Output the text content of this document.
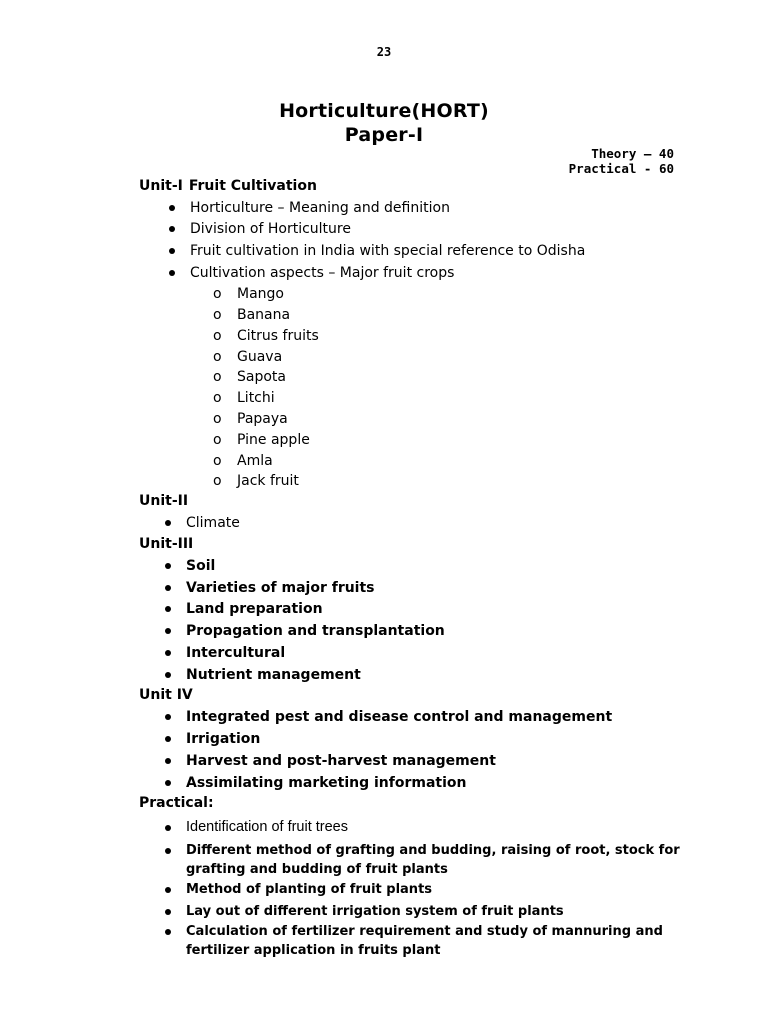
23
Horticulture(HORT)
Paper-I
Theory – 40
Practical - 60
Unit-I Fruit Cultivation
Horticulture – Meaning and definition
Division of Horticulture
Fruit cultivation in India with special reference to Odisha
Cultivation aspects – Major fruit crops
o Mango
o Banana
o Citrus fruits
o Guava
o Sapota
o Litchi
o Papaya
o Pine apple
o Amla
o Jack fruit
Unit-II
Climate
Unit-III
Soil
Varieties of major fruits
Land preparation
Propagation and transplantation
Intercultural
Nutrient management
Unit IV
Integrated pest and disease control and management
Irrigation
Harvest and post-harvest management
Assimilating marketing information
Practical:
Identification of fruit trees
Different method of grafting and budding, raising of root, stock for
grafting and budding of fruit plants
Method of planting of fruit plants
Lay out of different irrigation system of fruit plants
Calculation of fertilizer requirement and study of mannuring and
fertilizer application in fruits plant
